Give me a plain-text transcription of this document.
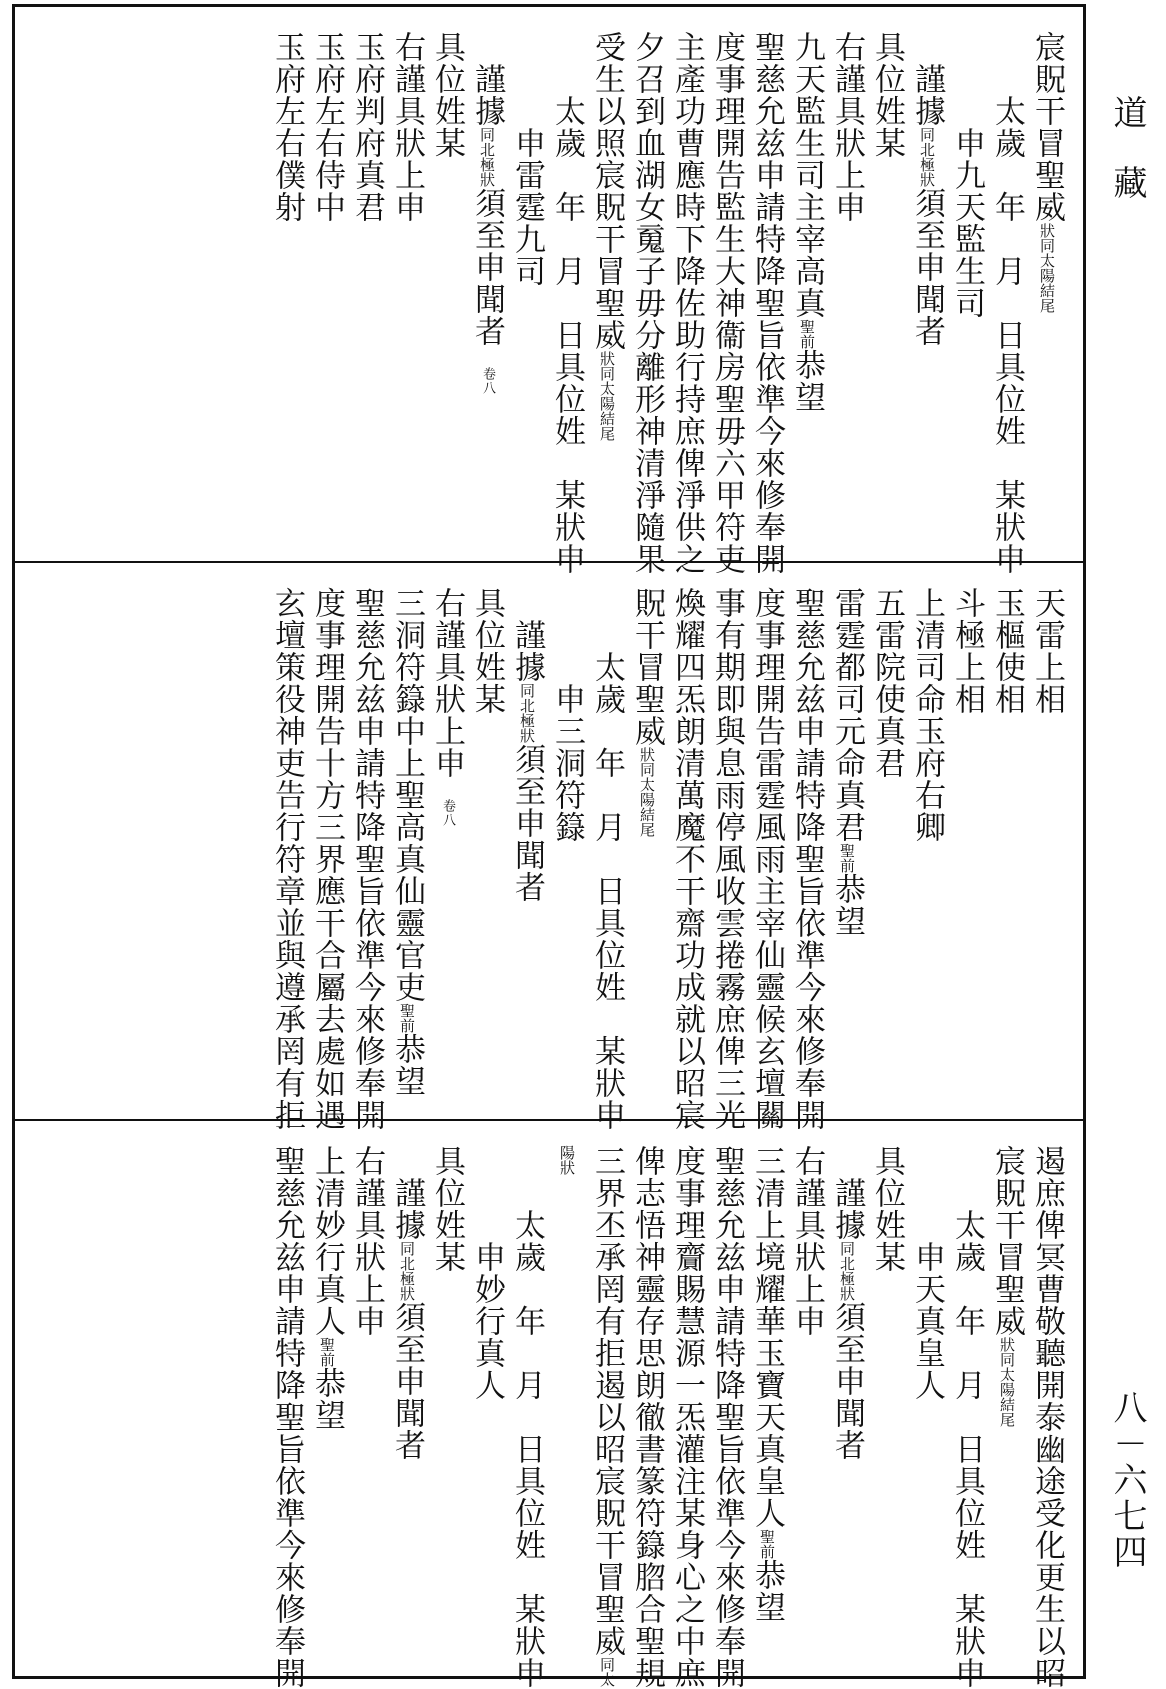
宸貺干冒聖威狀同太陽結尾
太歲　年　月　日具位姓　某狀申
申九天監生司
謹據同北極狀須至申聞者
具位姓某
右謹具狀上申
九天監生司主宰高真聖前恭望
聖慈允兹申請特降聖旨依準今來修奉開
度事理開告監生大神衞房聖毋六甲符吏
主產功曹應時下降佐助行持庶俾淨供之
夕召到血湖女䰟子毋分離形神清淨隨果
受生以照宸貺干冒聖威狀同太陽結尾
太歲　年　月　日具位姓　某狀申
申雷霆九司
謹據同北極狀須至申聞者卷八
具位姓某
右謹具狀上申
玉府判府真君
玉府左右侍中
玉府左右僕射
天雷上相
玉樞使相
斗極上相
上清司命玉府右卿
五雷院使真君
雷霆都司元命真君聖前恭望
聖慈允兹申請特降聖旨依準今來修奉開
度事理開告雷霆風雨主宰仙靈候玄壇關
事有期即與息雨停風收雲捲霧庶俾三光
煥耀四炁朗清萬魔不干齋功成就以昭宸
貺干冒聖威狀同太陽結尾
太歲　年　月　日具位姓　某狀申
申三洞符籙
謹據同北極狀須至申聞者
具位姓某
右謹具狀上申卷八
三洞符籙中上聖高真仙靈官吏聖前恭望
聖慈允兹申請特降聖旨依準今來修奉開
度事理開告十方三界應干合屬去處如遇
玄壇策役神吏告行符章並與遵承罔有拒
遏庶俾冥曹敬聽開泰幽途受化更生以昭
宸貺干冒聖威狀同太陽結尾
太歲　年　月　日具位姓　某狀申
申天真皇人
具位姓某
謹據同北極狀須至申聞者
右謹具狀上申
三清上境耀華玉寶天真皇人聖前恭望
聖慈允兹申請特降聖旨依準今來修奉開
度事理齎賜慧源一炁灌注某身心之中庶
俾志悟神靈存思朗徹書篆符籙脗合聖規
三界丕承罔有拒遏以昭宸貺干冒聖威同太
陽狀
太歲　年　月　日具位姓　某狀申
申妙行真人
具位姓某
謹據同北極狀須至申聞者
右謹具狀上申
上清妙行真人聖前恭望
聖慈允兹申請特降聖旨依準今來修奉開
道藏
八－六七四
